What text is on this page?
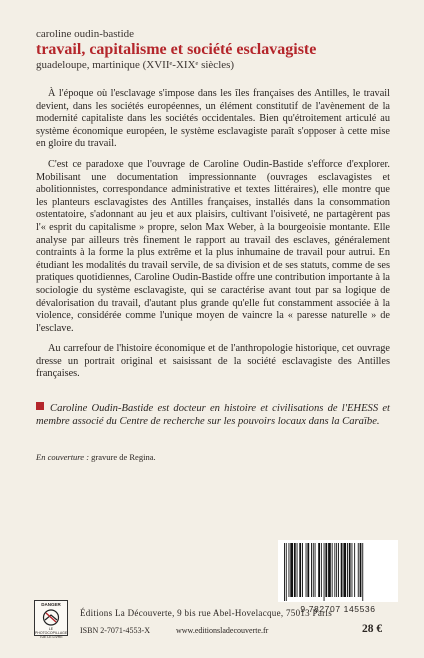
caroline oudin-bastide
travail, capitalisme et société esclavagiste
guadeloupe, martinique (XVIIᵉ-XIXᵉ siècles)

À l'époque où l'esclavage s'impose dans les îles françaises des Antilles, le travail devient, dans les sociétés européennes, un élément constitutif de l'avènement de la modernité capitaliste dans les sociétés occidentales. Bien qu'étroitement articulé au système économique européen, le système esclavagiste paraît s'opposer à cette mise en gloire du travail.

C'est ce paradoxe que l'ouvrage de Caroline Oudin-Bastide s'efforce d'explorer. Mobilisant une documentation impressionnante (ouvrages esclavagistes et abolitionnistes, correspondance administrative et textes littéraires), elle montre que les planteurs esclavagistes des Antilles françaises, installés dans la consommation ostentatoire, s'adonnant au jeu et aux plaisirs, cultivant l'oisiveté, ne partagèrent pas l'« esprit du capitalisme » propre, selon Max Weber, à la bourgeoisie montante. Elle analyse par ailleurs très finement le rapport au travail des esclaves, généralement contraints à la forme la plus extrême et la plus inhumaine de travail pour autrui. En étudiant les modalités du travail servile, de sa division et de ses statuts, comme de ses pratiques quotidiennes, Caroline Oudin-Bastide offre une contribution importante à la sociologie du système esclavagiste, qui se caractérise avant tout par sa logique de dévalorisation du travail, d'autant plus grande qu'elle fut constamment associée à la violence, considérée comme l'unique moyen de vaincre la « paresse naturelle » de l'esclave.

Au carrefour de l'histoire économique et de l'anthropologie historique, cet ouvrage dresse un portrait original et saisissant de la société esclavagiste des Antilles françaises.

Caroline Oudin-Bastide est docteur en histoire et civilisations de l'EHESS et membre associé du Centre de recherche sur les pouvoirs locaux dans la Caraïbe.
En couverture : gravure de Regina.
9 782707 145536
DANGER
LE PHOTOCOPILLAGE
TUE LE LIVRE
Éditions La Découverte, 9 bis rue Abel-Hovelacque, 75013 Paris
ISBN 2-7071-4553-X	www.editionsladecouverte.fr	28 €
